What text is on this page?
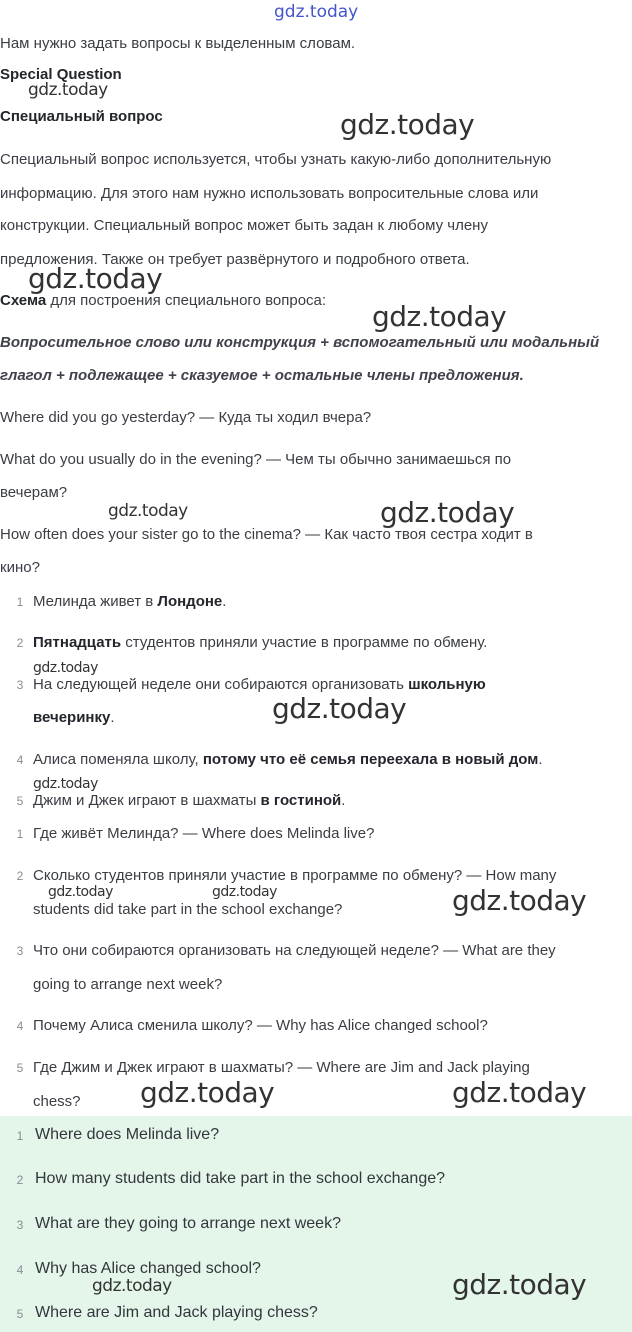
gdz.today
Нам нужно задать вопросы к выделенным словам.
Special Question
Специальный вопрос
Специальный вопрос используется, чтобы узнать какую-либо дополнительную
информацию. Для этого нам нужно использовать вопросительные слова или
конструкции. Специальный вопрос может быть задан к любому члену
предложения. Также он требует развёрнутого и подробного ответа.
Схема для построения специального вопроса:
Вопросительное слово или конструкция + вспомогательный или модальный
глагол + подлежащее + сказуемое + остальные члены предложения.
Where did you go yesterday? — Куда ты ходил вчера?
What do you usually do in the evening? — Чем ты обычно занимаешься по
вечерам?
How often does your sister go to the cinema? — Как часто твоя сестра ходит в
кино?
1 Мелинда живет в Лондоне.
2 Пятнадцать студентов приняли участие в программе по обмену.
3 На следующей неделе они собираются организовать школьную
вечеринку.
4 Алиса поменяла школу, потому что её семья переехала в новый дом.
5 Джим и Джек играют в шахматы в гостиной.
1 Где живёт Мелинда? — Where does Melinda live?
2 Сколько студентов приняли участие в программе по обмену? — How many
students did take part in the school exchange?
3 Что они собираются организовать на следующей неделе? — What are they
going to arrange next week?
4 Почему Алиса сменила школу? — Why has Alice changed school?
5 Где Джим и Джек играют в шахматы? — Where are Jim and Jack playing
chess?
1 Where does Melinda live?
2 How many students did take part in the school exchange?
3 What are they going to arrange next week?
4 Why has Alice changed school?
5 Where are Jim and Jack playing chess?
gdz.today
gdz.today
gdz.today
gdz.today
gdz.today	gdz.today
gdz.today
gdz.today
gdz.today
gdz.today	gdz.today	gdz.today
gdz.today	gdz.today
gdz.today	gdz.today
